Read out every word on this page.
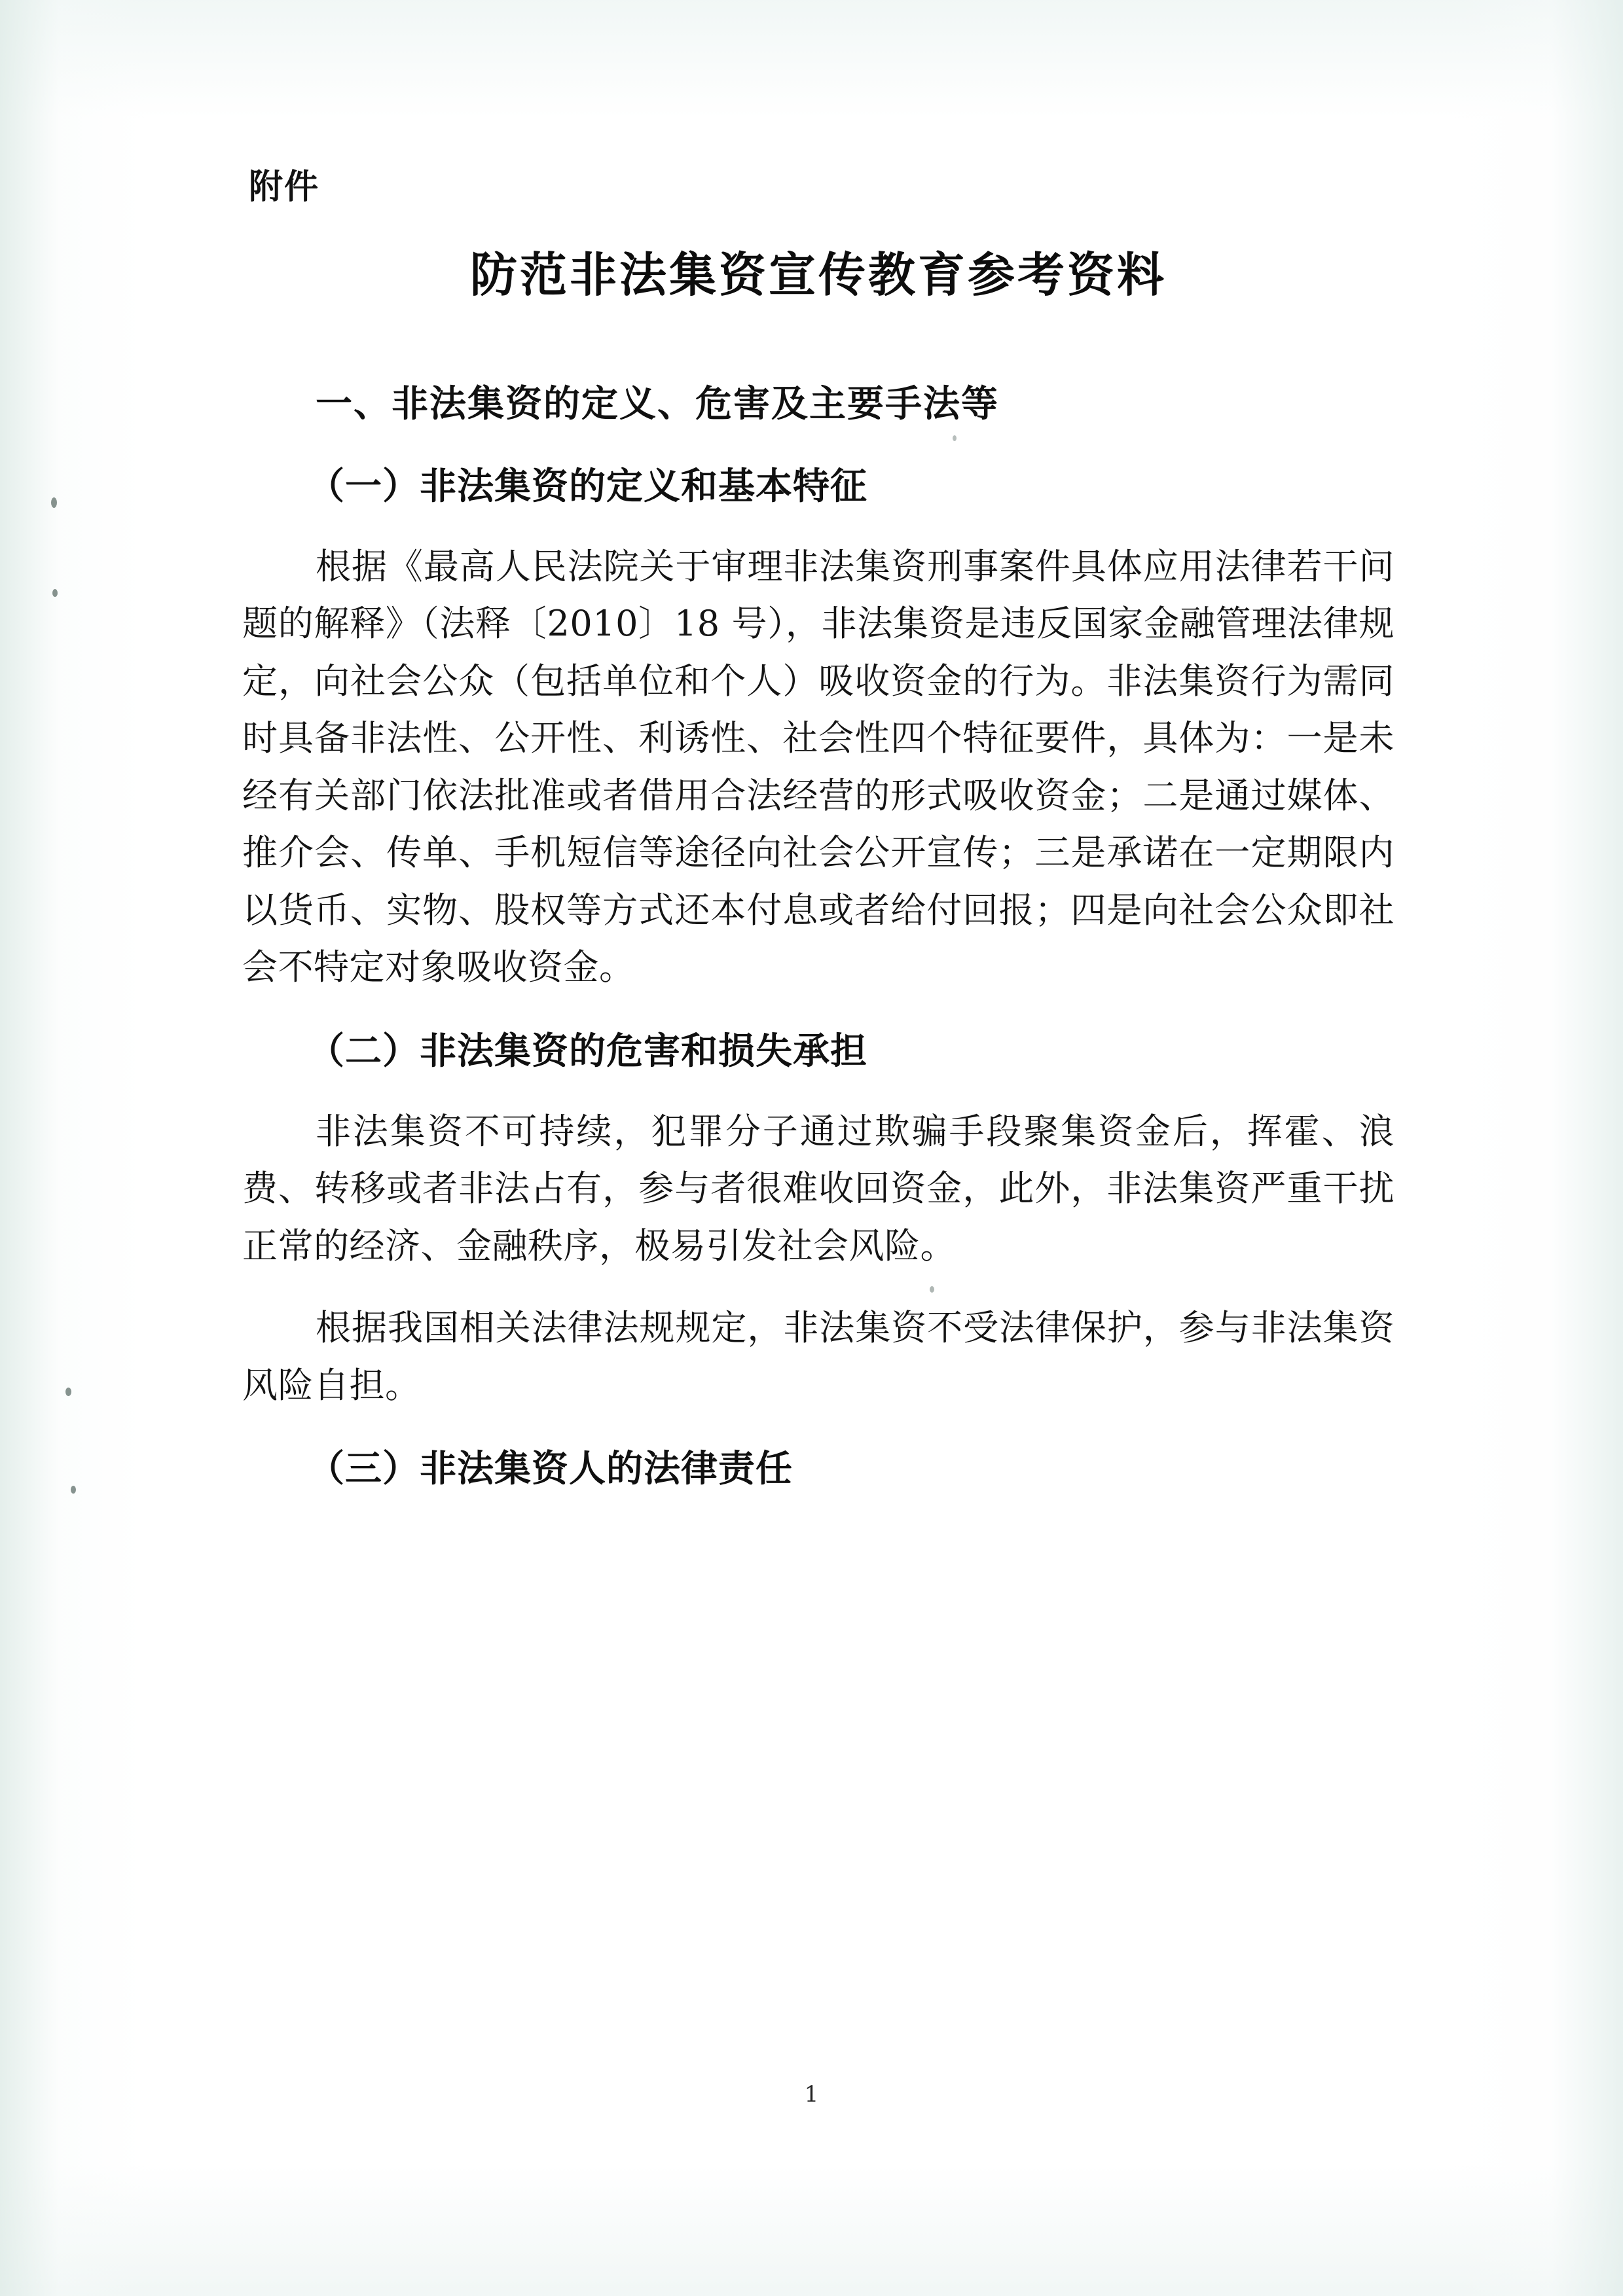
附件

防范非法集资宣传教育参考资料
一、非法集资的定义、危害及主要手法等
（一）非法集资的定义和基本特征

根据《最高人民法院关于审理非法集资刑事案件具体应用法律若干问题的解释》（法释〔2010〕18 号），非法集资是违反国家金融管理法律规定，向社会公众（包括单位和个人）吸收资金的行为。非法集资行为需同时具备非法性、公开性、利诱性、社会性四个特征要件，具体为：一是未经有关部门依法批准或者借用合法经营的形式吸收资金；二是通过媒体、推介会、传单、手机短信等途径向社会公开宣传；三是承诺在一定期限内以货币、实物、股权等方式还本付息或者给付回报；四是向社会公众即社会不特定对象吸收资金。

（二）非法集资的危害和损失承担

非法集资不可持续，犯罪分子通过欺骗手段聚集资金后，挥霍、浪费、转移或者非法占有，参与者很难收回资金，此外，非法集资严重干扰正常的经济、金融秩序，极易引发社会风险。

根据我国相关法律法规规定，非法集资不受法律保护，参与非法集资风险自担。

（三）非法集资人的法律责任
1
